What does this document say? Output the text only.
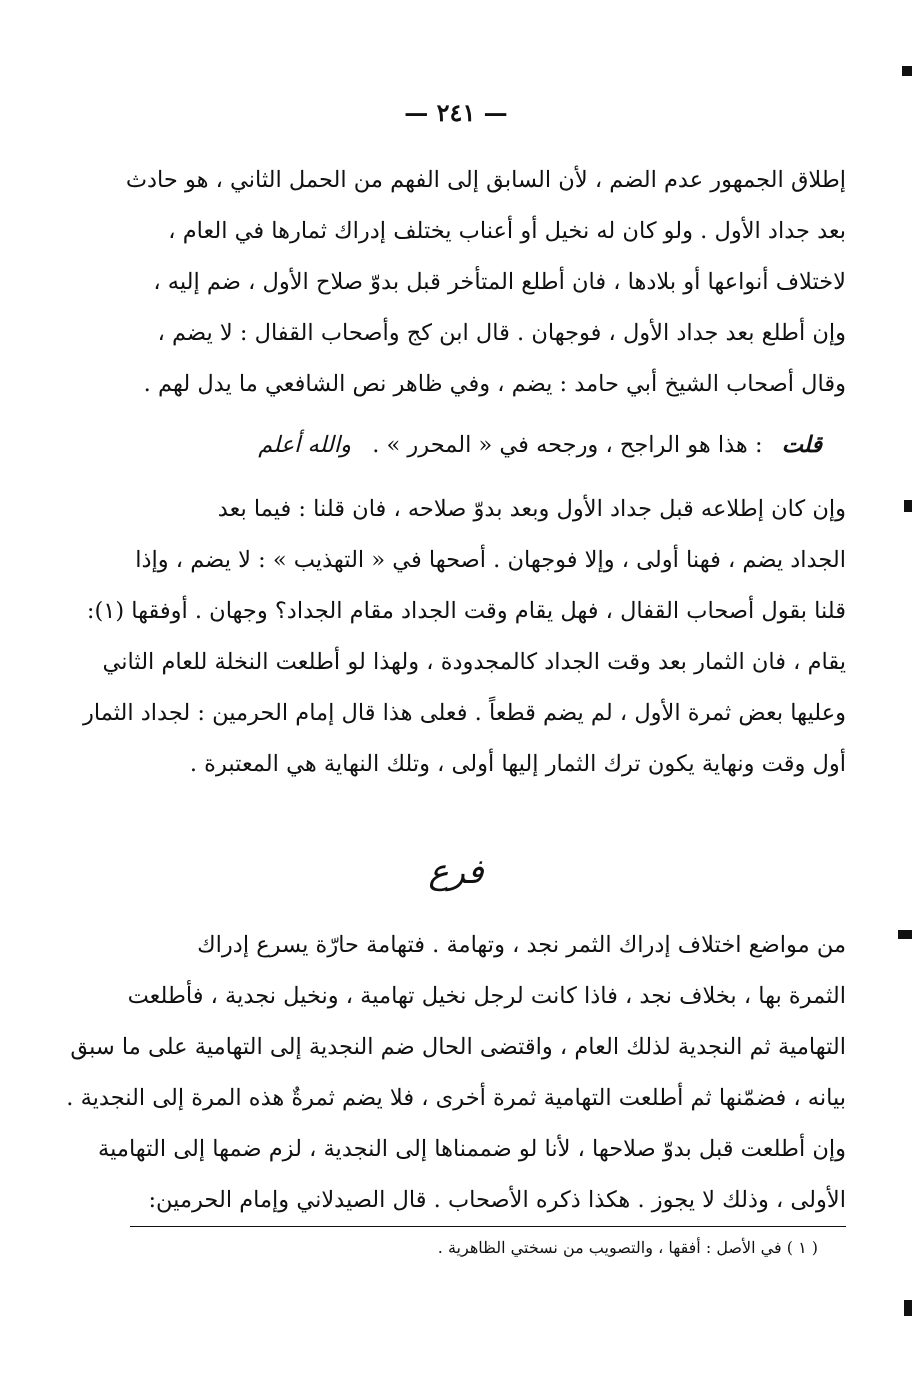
— ٢٤١ —
إطلاق الجمهور عدم الضم ، لأن السابق إلى الفهم من الحمل الثاني ، هو حادث
بعد جداد الأول . ولو كان له نخيل أو أعناب يختلف إدراك ثمارها في العام ،
لاختلاف أنواعها أو بلادها ، فان أطلع المتأخر قبل بدوّ صلاح الأول ، ضم إليه ،
وإن أطلع بعد جداد الأول ، فوجهان . قال ابن كج وأصحاب القفال : لا يضم ،
وقال أصحاب الشيخ أبي حامد : يضم ، وفي ظاهر نص الشافعي ما يدل لهم .
قلت : هذا هو الراجح ، ورجحه في « المحرر » . والله أعلم
وإن كان إطلاعه قبل جداد الأول وبعد بدوّ صلاحه ، فان قلنا : فيما بعد
الجداد يضم ، فهنا أولى ، وإلا فوجهان . أصحها في « التهذيب » : لا يضم ، وإذا
قلنا بقول أصحاب القفال ، فهل يقام وقت الجداد مقام الجداد؟ وجهان . أوفقها (١):
يقام ، فان الثمار بعد وقت الجداد كالمجدودة ، ولهذا لو أطلعت النخلة للعام الثاني
وعليها بعض ثمرة الأول ، لم يضم قطعاً . فعلى هذا قال إمام الحرمين : لجداد الثمار
أول وقت ونهاية يكون ترك الثمار إليها أولى ، وتلك النهاية هي المعتبرة .
فرع
من مواضع اختلاف إدراك الثمر نجد ، وتهامة . فتهامة حارّة يسرع إدراك
الثمرة بها ، بخلاف نجد ، فاذا كانت لرجل نخيل تهامية ، ونخيل نجدية ، فأطلعت
التهامية ثم النجدية لذلك العام ، واقتضى الحال ضم النجدية إلى التهامية على ما سبق
بيانه ، فضمّنها ثم أطلعت التهامية ثمرة أخرى ، فلا يضم ثمرةٌ هذه المرة إلى النجدية .
وإن أطلعت قبل بدوّ صلاحها ، لأنا لو ضممناها إلى النجدية ، لزم ضمها إلى التهامية
الأولى ، وذلك لا يجوز . هكذا ذكره الأصحاب . قال الصيدلاني وإمام الحرمين:
( ١ ) في الأصل : أفقها ، والتصويب من نسختي الظاهرية .
